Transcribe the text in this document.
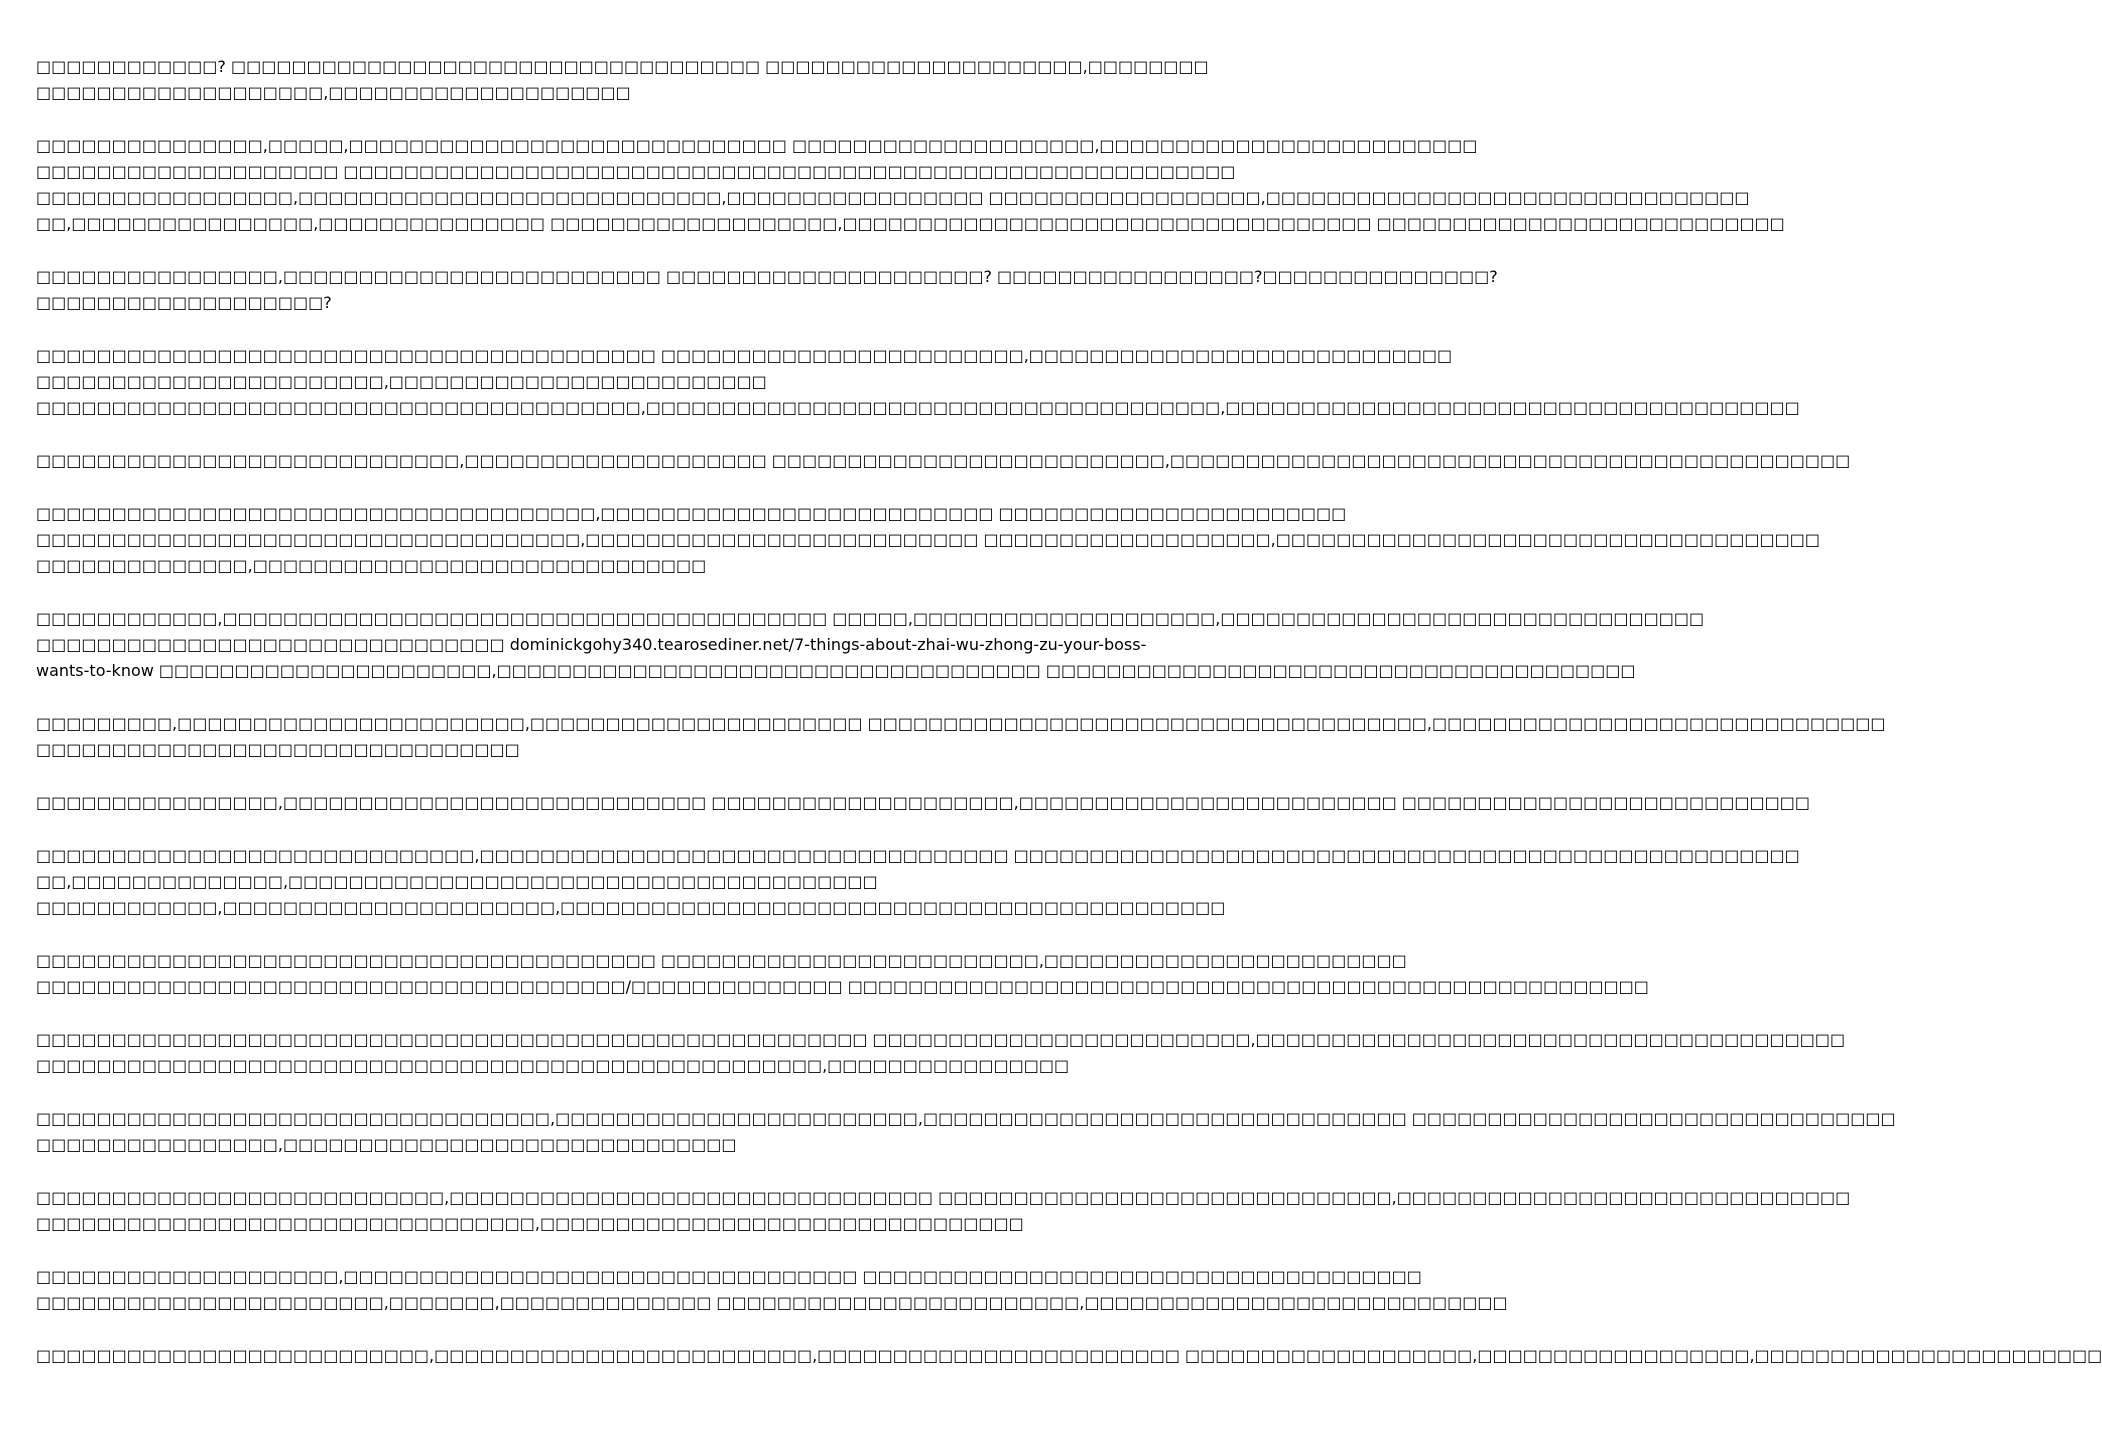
□□□□□□□□□□□□? □□□□□□□□□□□□□□□□□□□□□□□□□□□□□□□□□□□ □□□□□□□□□□□□□□□□□□□□□,□□□□□□□□
□□□□□□□□□□□□□□□□□□□,□□□□□□□□□□□□□□□□□□□□

□□□□□□□□□□□□□□□,□□□□□,□□□□□□□□□□□□□□□□□□□□□□□□□□□□□ □□□□□□□□□□□□□□□□□□□□,□□□□□□□□□□□□□□□□□□□□□□□□□
□□□□□□□□□□□□□□□□□□□□ □□□□□□□□□□□□□□□□□□□□□□□□□□□□□□□□□□□□□□□□□□□□□□□□□□□□□□□□□□□
□□□□□□□□□□□□□□□□□,□□□□□□□□□□□□□□□□□□□□□□□□□□□□,□□□□□□□□□□□□□□□□□ □□□□□□□□□□□□□□□□□□,□□□□□□□□□□□□□□□□□□□□□□□□□□□□□□□□
□□,□□□□□□□□□□□□□□□□,□□□□□□□□□□□□□□□ □□□□□□□□□□□□□□□□□□□,□□□□□□□□□□□□□□□□□□□□□□□□□□□□□□□□□□□ □□□□□□□□□□□□□□□□□□□□□□□□□□□

□□□□□□□□□□□□□□□□,□□□□□□□□□□□□□□□□□□□□□□□□□ □□□□□□□□□□□□□□□□□□□□□? □□□□□□□□□□□□□□□□□?□□□□□□□□□□□□□□□?
□□□□□□□□□□□□□□□□□□□?

□□□□□□□□□□□□□□□□□□□□□□□□□□□□□□□□□□□□□□□□□ □□□□□□□□□□□□□□□□□□□□□□□□,□□□□□□□□□□□□□□□□□□□□□□□□□□□□
□□□□□□□□□□□□□□□□□□□□□□□,□□□□□□□□□□□□□□□□□□□□□□□□□
□□□□□□□□□□□□□□□□□□□□□□□□□□□□□□□□□□□□□□□□,□□□□□□□□□□□□□□□□□□□□□□□□□□□□□□□□□□□□□□,□□□□□□□□□□□□□□□□□□□□□□□□□□□□□□□□□□□□□□

□□□□□□□□□□□□□□□□□□□□□□□□□□□□,□□□□□□□□□□□□□□□□□□□□ □□□□□□□□□□□□□□□□□□□□□□□□□□,□□□□□□□□□□□□□□□□□□□□□□□□□□□□□□□□□□□□□□□□□□□□□

□□□□□□□□□□□□□□□□□□□□□□□□□□□□□□□□□□□□□,□□□□□□□□□□□□□□□□□□□□□□□□□□ □□□□□□□□□□□□□□□□□□□□□□□
□□□□□□□□□□□□□□□□□□□□□□□□□□□□□□□□□□□□,□□□□□□□□□□□□□□□□□□□□□□□□□□ □□□□□□□□□□□□□□□□□□□,□□□□□□□□□□□□□□□□□□□□□□□□□□□□□□□□□□□□
□□□□□□□□□□□□□□,□□□□□□□□□□□□□□□□□□□□□□□□□□□□□□

□□□□□□□□□□□□,□□□□□□□□□□□□□□□□□□□□□□□□□□□□□□□□□□□□□□□□ □□□□□,□□□□□□□□□□□□□□□□□□□□,□□□□□□□□□□□□□□□□□□□□□□□□□□□□□□□□
□□□□□□□□□□□□□□□□□□□□□□□□□□□□□□□ dominickgohy340.tearosediner.net/7-things-about-zhai-wu-zhong-zu-your-boss-
wants-to-know □□□□□□□□□□□□□□□□□□□□□□,□□□□□□□□□□□□□□□□□□□□□□□□□□□□□□□□□□□□ □□□□□□□□□□□□□□□□□□□□□□□□□□□□□□□□□□□□□□□

□□□□□□□□□,□□□□□□□□□□□□□□□□□□□□□□□,□□□□□□□□□□□□□□□□□□□□□□ □□□□□□□□□□□□□□□□□□□□□□□□□□□□□□□□□□□□□,□□□□□□□□□□□□□□□□□□□□□□□□□□□□□□
□□□□□□□□□□□□□□□□□□□□□□□□□□□□□□□□

□□□□□□□□□□□□□□□□,□□□□□□□□□□□□□□□□□□□□□□□□□□□□ □□□□□□□□□□□□□□□□□□□□,□□□□□□□□□□□□□□□□□□□□□□□□□ □□□□□□□□□□□□□□□□□□□□□□□□□□□

□□□□□□□□□□□□□□□□□□□□□□□□□□□□□,□□□□□□□□□□□□□□□□□□□□□□□□□□□□□□□□□□□ □□□□□□□□□□□□□□□□□□□□□□□□□□□□□□□□□□□□□□□□□□□□□□□□□□□□
□□,□□□□□□□□□□□□□□,□□□□□□□□□□□□□□□□□□□□□□□□□□□□□□□□□□□□□□□
□□□□□□□□□□□□,□□□□□□□□□□□□□□□□□□□□□□,□□□□□□□□□□□□□□□□□□□□□□□□□□□□□□□□□□□□□□□□□□□□

□□□□□□□□□□□□□□□□□□□□□□□□□□□□□□□□□□□□□□□□□ □□□□□□□□□□□□□□□□□□□□□□□□□,□□□□□□□□□□□□□□□□□□□□□□□□
□□□□□□□□□□□□□□□□□□□□□□□□□□□□□□□□□□□□□□□/□□□□□□□□□□□□□□ □□□□□□□□□□□□□□□□□□□□□□□□□□□□□□□□□□□□□□□□□□□□□□□□□□□□□

□□□□□□□□□□□□□□□□□□□□□□□□□□□□□□□□□□□□□□□□□□□□□□□□□□□□□□□ □□□□□□□□□□□□□□□□□□□□□□□□□,□□□□□□□□□□□□□□□□□□□□□□□□□□□□□□□□□□□□□□□
□□□□□□□□□□□□□□□□□□□□□□□□□□□□□□□□□□□□□□□□□□□□□□□□□□□□,□□□□□□□□□□□□□□□□

□□□□□□□□□□□□□□□□□□□□□□□□□□□□□□□□□□,□□□□□□□□□□□□□□□□□□□□□□□□,□□□□□□□□□□□□□□□□□□□□□□□□□□□□□□□□ □□□□□□□□□□□□□□□□□□□□□□□□□□□□□□□□
□□□□□□□□□□□□□□□□,□□□□□□□□□□□□□□□□□□□□□□□□□□□□□□

□□□□□□□□□□□□□□□□□□□□□□□□□□□,□□□□□□□□□□□□□□□□□□□□□□□□□□□□□□□□ □□□□□□□□□□□□□□□□□□□□□□□□□□□□□□,□□□□□□□□□□□□□□□□□□□□□□□□□□□□□□
□□□□□□□□□□□□□□□□□□□□□□□□□□□□□□□□□,□□□□□□□□□□□□□□□□□□□□□□□□□□□□□□□□

□□□□□□□□□□□□□□□□□□□□,□□□□□□□□□□□□□□□□□□□□□□□□□□□□□□□□□□ □□□□□□□□□□□□□□□□□□□□□□□□□□□□□□□□□□□□□
□□□□□□□□□□□□□□□□□□□□□□□,□□□□□□□,□□□□□□□□□□□□□□ □□□□□□□□□□□□□□□□□□□□□□□□,□□□□□□□□□□□□□□□□□□□□□□□□□□□□

□□□□□□□□□□□□□□□□□□□□□□□□□□,□□□□□□□□□□□□□□□□□□□□□□□□□,□□□□□□□□□□□□□□□□□□□□□□□□ □□□□□□□□□□□□□□□□□□□,□□□□□□□□□□□□□□□□□□,□□□□□□□□□□□□□□□□□□□□□□□
